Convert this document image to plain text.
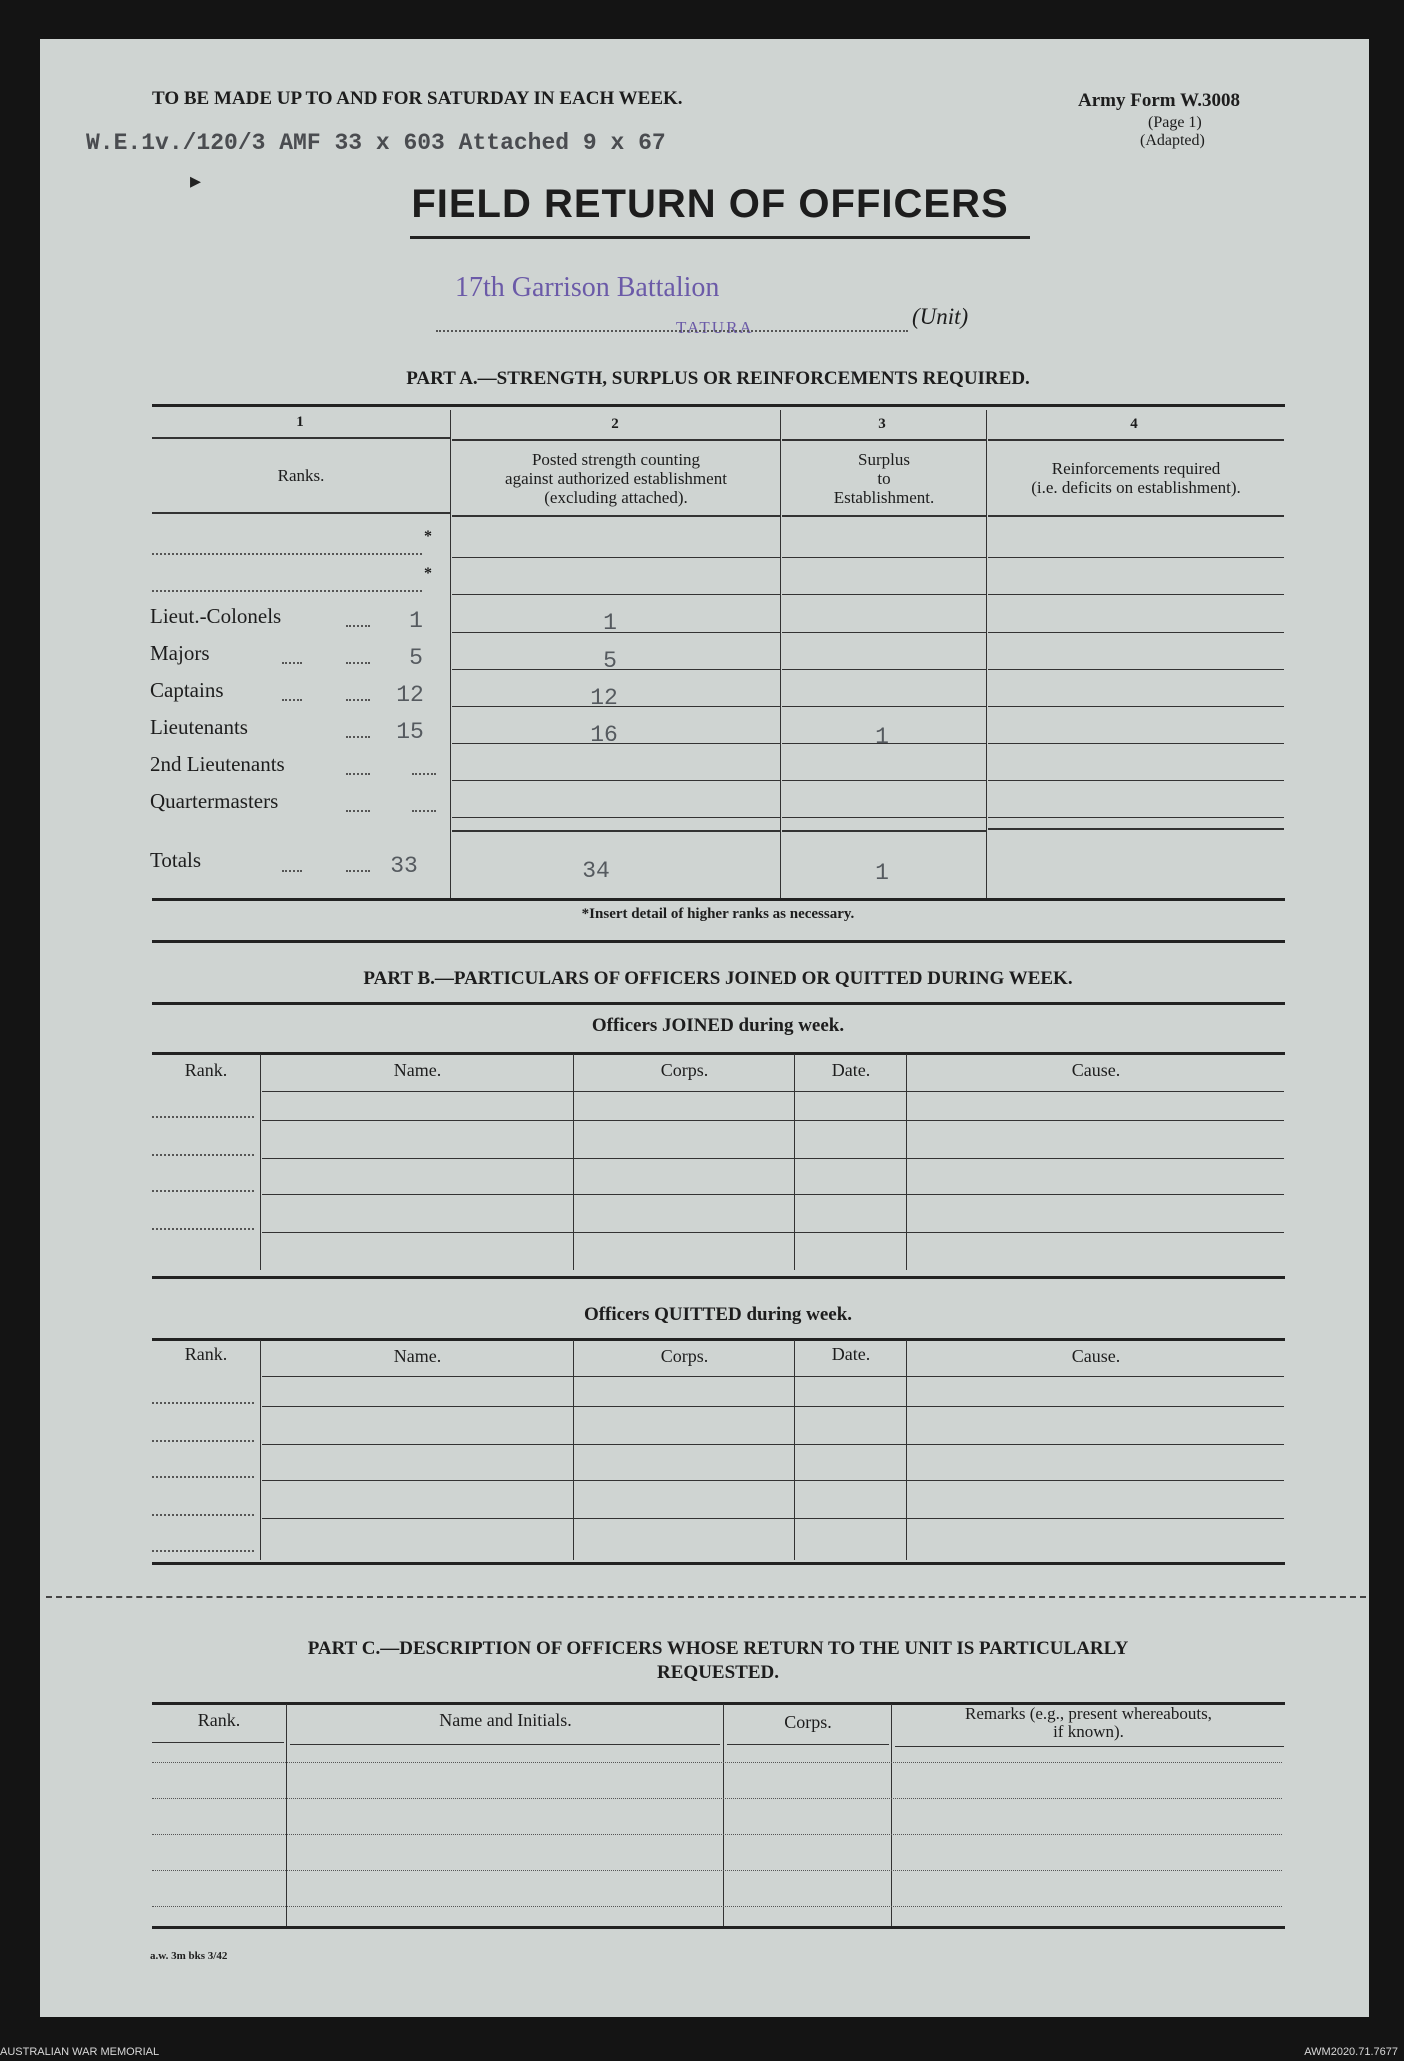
TO BE MADE UP TO AND FOR SATURDAY IN EACH WEEK.	Army Form W.3008
(Page 1)
(Adapted)
W.E.1v./120/3 AMF 33 x 603 Attached 9 x 67
▸
FIELD RETURN OF OFFICERS
17th Garrison Battalion
TATURA	(Unit)
PART A.—STRENGTH, SURPLUS OR REINFORCEMENTS REQUIRED.
1	2	3	4
Ranks.
Posted strength counting
against authorized establishment
(excluding attached).
Surplus
to
Establishment.
Reinforcements required
(i.e. deficits on establishment).
*
*
Lieut.-Colonels	1	1
Majors	5	5
Captains	12	12
Lieutenants	15	16	1
2nd Lieutenants
Quartermasters
Totals	33	34	1
*Insert detail of higher ranks as necessary.
PART B.—PARTICULARS OF OFFICERS JOINED OR QUITTED DURING WEEK.
Officers JOINED during week.
Rank.	Name.	Corps.	Date.	Cause.
Officers QUITTED during week.
Rank.	Name.	Corps.	Date.	Cause.
PART C.—DESCRIPTION OF OFFICERS WHOSE RETURN TO THE UNIT IS PARTICULARLY
REQUESTED.
Rank.	Name and Initials.	Corps.	Remarks (e.g., present whereabouts,
if known).
a.w. 3m bks 3/42
AUSTRALIAN WAR MEMORIAL	AWM2020.71.7677
